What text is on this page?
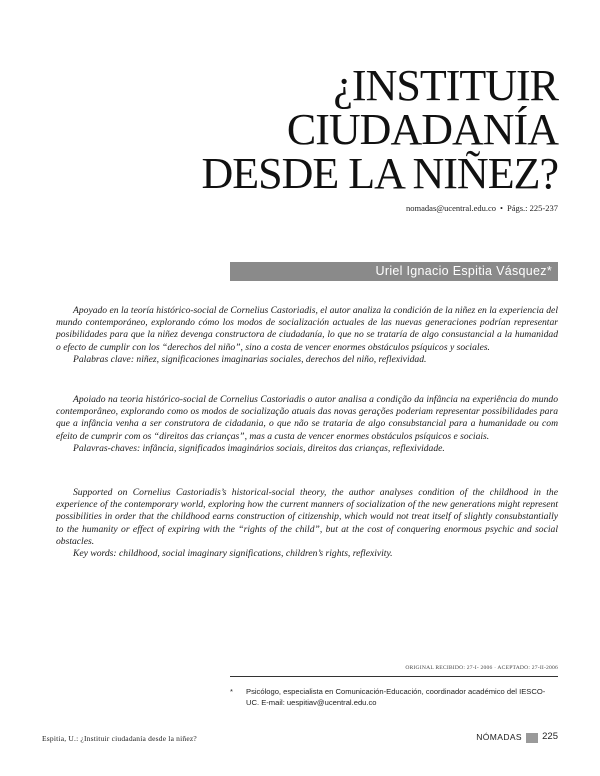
¿INSTITUIR
CIUDADANÍA
DESDE LA NIÑEZ?
nomadas@ucentral.edu.co • Págs.: 225-237
Uriel Ignacio Espitia Vásquez*

Apoyado en la teoría histórico-social de Cornelius Castoriadis, el autor analiza la condición de la niñez en la experiencia del mundo contemporáneo, explorando cómo los modos de socialización actuales de las nuevas generaciones podrían representar posibilidades para que la niñez devenga constructora de ciudadanía, lo que no se trataría de algo consustancial a la humanidad o efecto de cumplir con los “derechos del niño”, sino a costa de vencer enormes obstáculos psíquicos y sociales.

Palabras clave: niñez, significaciones imaginarias sociales, derechos del niño, reflexividad.

Apoiado na teoria histórico-social de Cornelius Castoriadis o autor analisa a condição da infância na experiência do mundo contemporâneo, explorando como os modos de socialização atuais das novas gerações poderiam representar possibilidades para que a infância venha a ser construtora de cidadania, o que não se trataria de algo consubstancial para a humanidade ou com efeito de cumprir com os “direitos das crianças”, mas a custa de vencer enormes obstáculos psíquicos e sociais.

Palavras-chaves: infância, significados imaginários sociais, direitos das crianças, reflexividade.

Supported on Cornelius Castoriadis’s historical-social theory, the author analyses condition of the childhood in the experience of the contemporary world, exploring how the current manners of socialization of the new generations might represent possibilities in order that the childhood earns construction of citizenship, which would not treat itself of slightly consubstantially to the humanity or effect of expiring with the “rights of the child”, but at the cost of conquering enormous psychic and social obstacles.

Key words: childhood, social imaginary significations, children’s rights, reflexivity.

ORIGINAL RECIBIDO: 27-I- 2006 · ACEPTADO: 27-II-2006
* Psicólogo, especialista en Comunicación-Educación, coordinador académico del IESCO-UC. E-mail: uespitiav@ucentral.edu.co
Espitia, U.: ¿Instituir ciudadanía desde la niñez?	NÓMADAS 225
